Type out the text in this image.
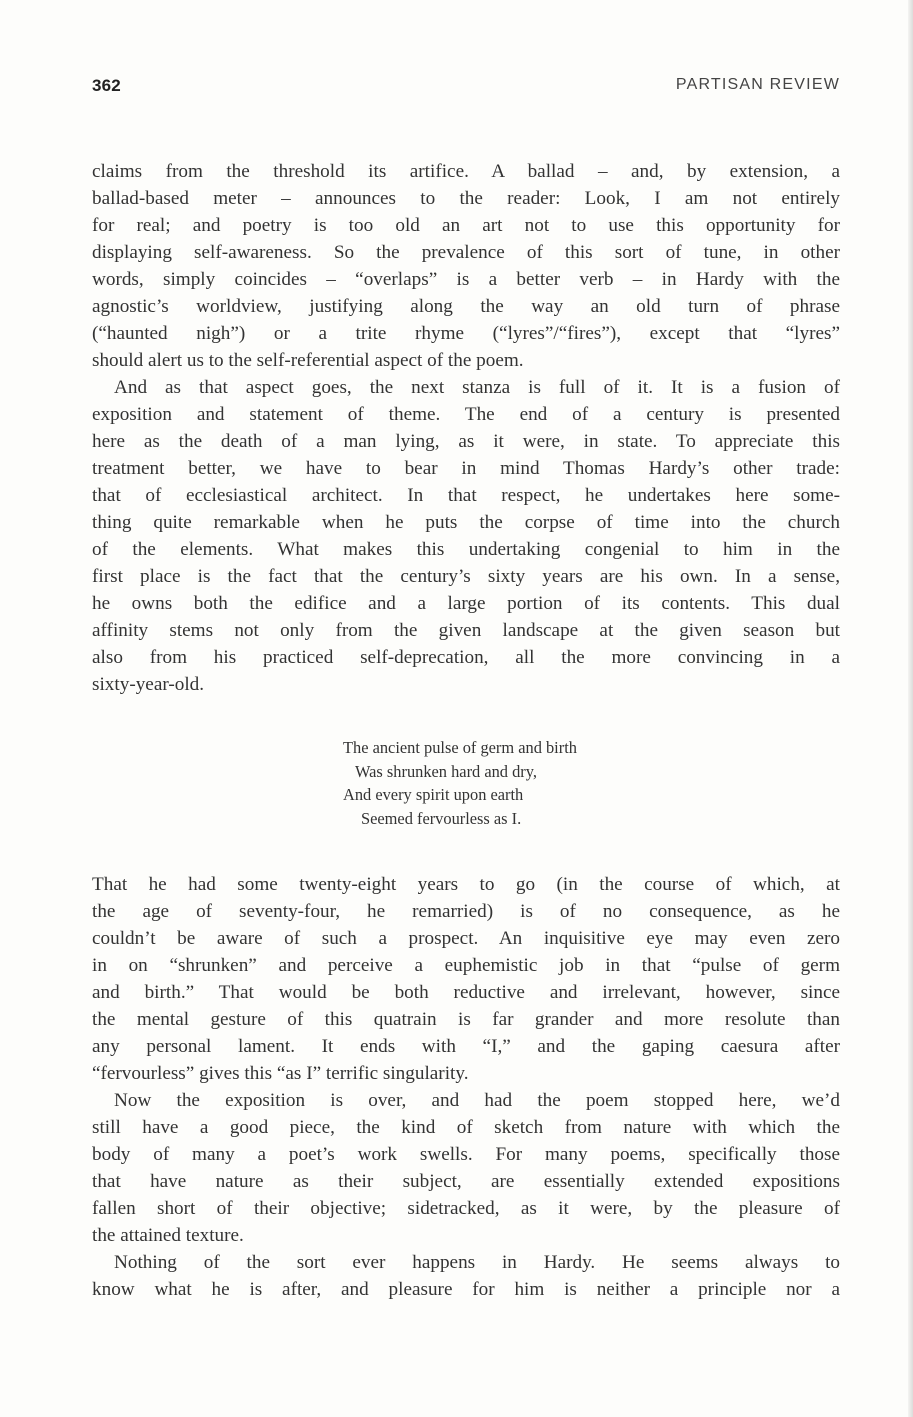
362	PARTISAN REVIEW
claims from the threshold its artifice. A ballad – and, by extension, a
ballad-based meter – announces to the reader: Look, I am not entirely
for real; and poetry is too old an art not to use this opportunity for
displaying self-awareness. So the prevalence of this sort of tune, in other
words, simply coincides – “overlaps” is a better verb – in Hardy with the
agnostic’s worldview, justifying along the way an old turn of phrase
(“haunted nigh”) or a trite rhyme (“lyres”/“fires”), except that “lyres”
should alert us to the self-referential aspect of the poem.
And as that aspect goes, the next stanza is full of it. It is a fusion of
exposition and statement of theme. The end of a century is presented
here as the death of a man lying, as it were, in state. To appreciate this
treatment better, we have to bear in mind Thomas Hardy’s other trade:
that of ecclesiastical architect. In that respect, he undertakes here some-
thing quite remarkable when he puts the corpse of time into the church
of the elements. What makes this undertaking congenial to him in the
first place is the fact that the century’s sixty years are his own. In a sense,
he owns both the edifice and a large portion of its contents. This dual
affinity stems not only from the given landscape at the given season but
also from his practiced self-deprecation, all the more convincing in a
sixty-year-old.
The ancient pulse of germ and birth
Was shrunken hard and dry,
And every spirit upon earth
Seemed fervourless as I.
That he had some twenty-eight years to go (in the course of which, at
the age of seventy-four, he remarried) is of no consequence, as he
couldn’t be aware of such a prospect. An inquisitive eye may even zero
in on “shrunken” and perceive a euphemistic job in that “pulse of germ
and birth.” That would be both reductive and irrelevant, however, since
the mental gesture of this quatrain is far grander and more resolute than
any personal lament. It ends with “I,” and the gaping caesura after
“fervourless” gives this “as I” terrific singularity.
Now the exposition is over, and had the poem stopped here, we’d
still have a good piece, the kind of sketch from nature with which the
body of many a poet’s work swells. For many poems, specifically those
that have nature as their subject, are essentially extended expositions
fallen short of their objective; sidetracked, as it were, by the pleasure of
the attained texture.
Nothing of the sort ever happens in Hardy. He seems always to
know what he is after, and pleasure for him is neither a principle nor a
